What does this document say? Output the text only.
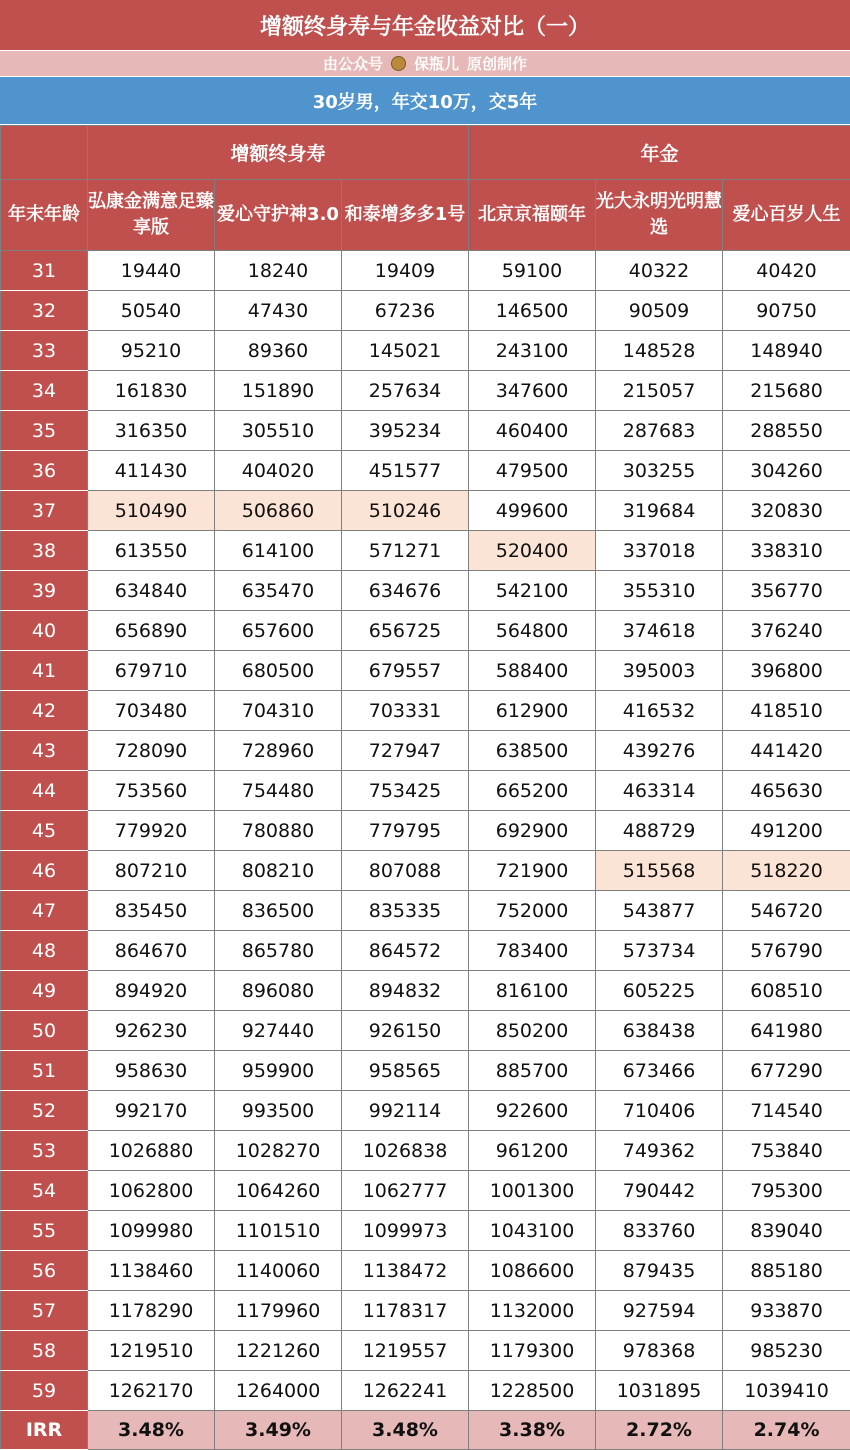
增额终身寿与年金收益对比（一）
由公众号 保瓶儿 原创制作
30岁男，年交10万，交5年
	增额终身寿			年金		
年末年龄	弘康金满意足臻享版	爱心守护神3.0	和泰增多多1号	北京京福颐年	光大永明光明慧选	爱心百岁人生
31	19440	18240	19409	59100	40322	40420
32	50540	47430	67236	146500	90509	90750
33	95210	89360	145021	243100	148528	148940
34	161830	151890	257634	347600	215057	215680
35	316350	305510	395234	460400	287683	288550
36	411430	404020	451577	479500	303255	304260
37	510490	506860	510246	499600	319684	320830
38	613550	614100	571271	520400	337018	338310
39	634840	635470	634676	542100	355310	356770
40	656890	657600	656725	564800	374618	376240
41	679710	680500	679557	588400	395003	396800
42	703480	704310	703331	612900	416532	418510
43	728090	728960	727947	638500	439276	441420
44	753560	754480	753425	665200	463314	465630
45	779920	780880	779795	692900	488729	491200
46	807210	808210	807088	721900	515568	518220
47	835450	836500	835335	752000	543877	546720
48	864670	865780	864572	783400	573734	576790
49	894920	896080	894832	816100	605225	608510
50	926230	927440	926150	850200	638438	641980
51	958630	959900	958565	885700	673466	677290
52	992170	993500	992114	922600	710406	714540
53	1026880	1028270	1026838	961200	749362	753840
54	1062800	1064260	1062777	1001300	790442	795300
55	1099980	1101510	1099973	1043100	833760	839040
56	1138460	1140060	1138472	1086600	879435	885180
57	1178290	1179960	1178317	1132000	927594	933870
58	1219510	1221260	1219557	1179300	978368	985230
59	1262170	1264000	1262241	1228500	1031895	1039410
IRR	3.48%	3.49%	3.48%	3.38%	2.72%	2.74%
